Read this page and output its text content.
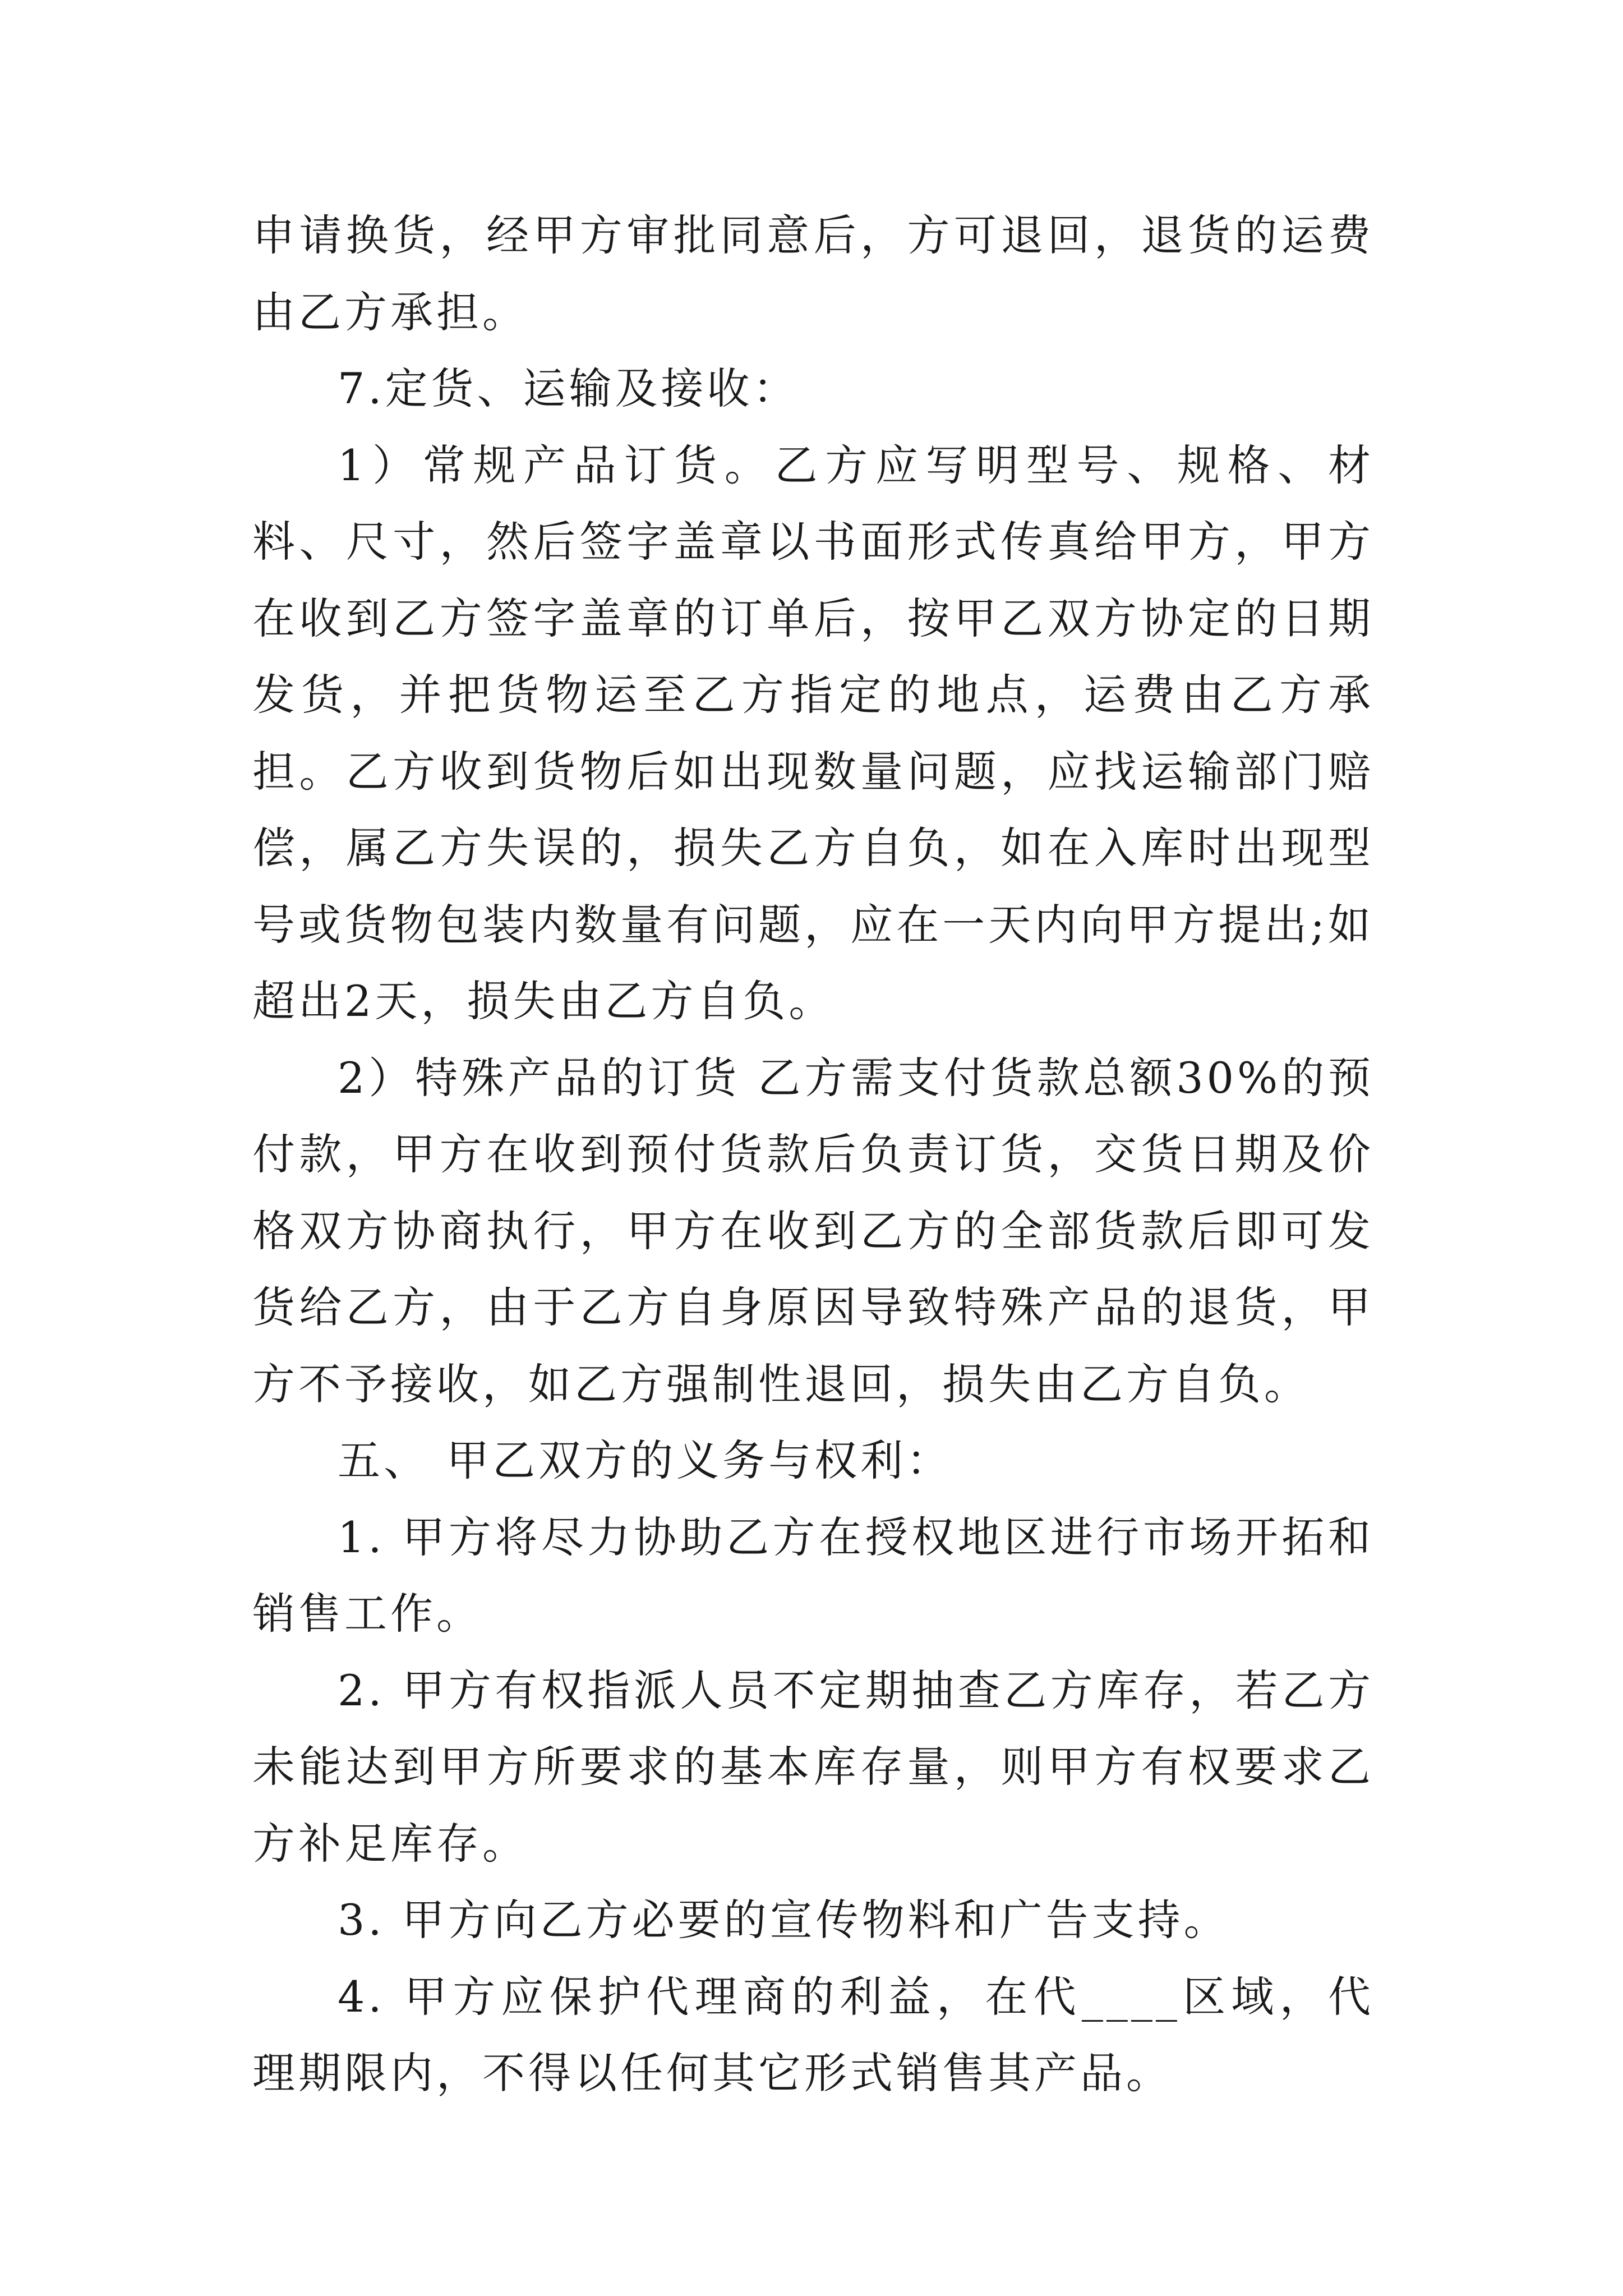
申请换货，经甲方审批同意后，方可退回，退货的运费由乙方承担。

7.定货、运输及接收：

1）常规产品订货。乙方应写明型号、规格、材料、尺寸，然后签字盖章以书面形式传真给甲方，甲方在收到乙方签字盖章的订单后，按甲乙双方协定的日期发货，并把货物运至乙方指定的地点，运费由乙方承担。乙方收到货物后如出现数量问题，应找运输部门赔偿，属乙方失误的，损失乙方自负，如在入库时出现型号或货物包装内数量有问题，应在一天内向甲方提出;如超出2天，损失由乙方自负。

2）特殊产品的订货 乙方需支付货款总额30%的预付款，甲方在收到预付货款后负责订货，交货日期及价格双方协商执行，甲方在收到乙方的全部货款后即可发货给乙方，由于乙方自身原因导致特殊产品的退货，甲方不予接收，如乙方强制性退回，损失由乙方自负。

五、 甲乙双方的义务与权利：

1. 甲方将尽力协助乙方在授权地区进行市场开拓和销售工作。

2. 甲方有权指派人员不定期抽查乙方库存，若乙方未能达到甲方所要求的基本库存量，则甲方有权要求乙方补足库存。

3. 甲方向乙方必要的宣传物料和广告支持。

4. 甲方应保护代理商的利益，在代____区域，代理期限内，不得以任何其它形式销售其产品。
